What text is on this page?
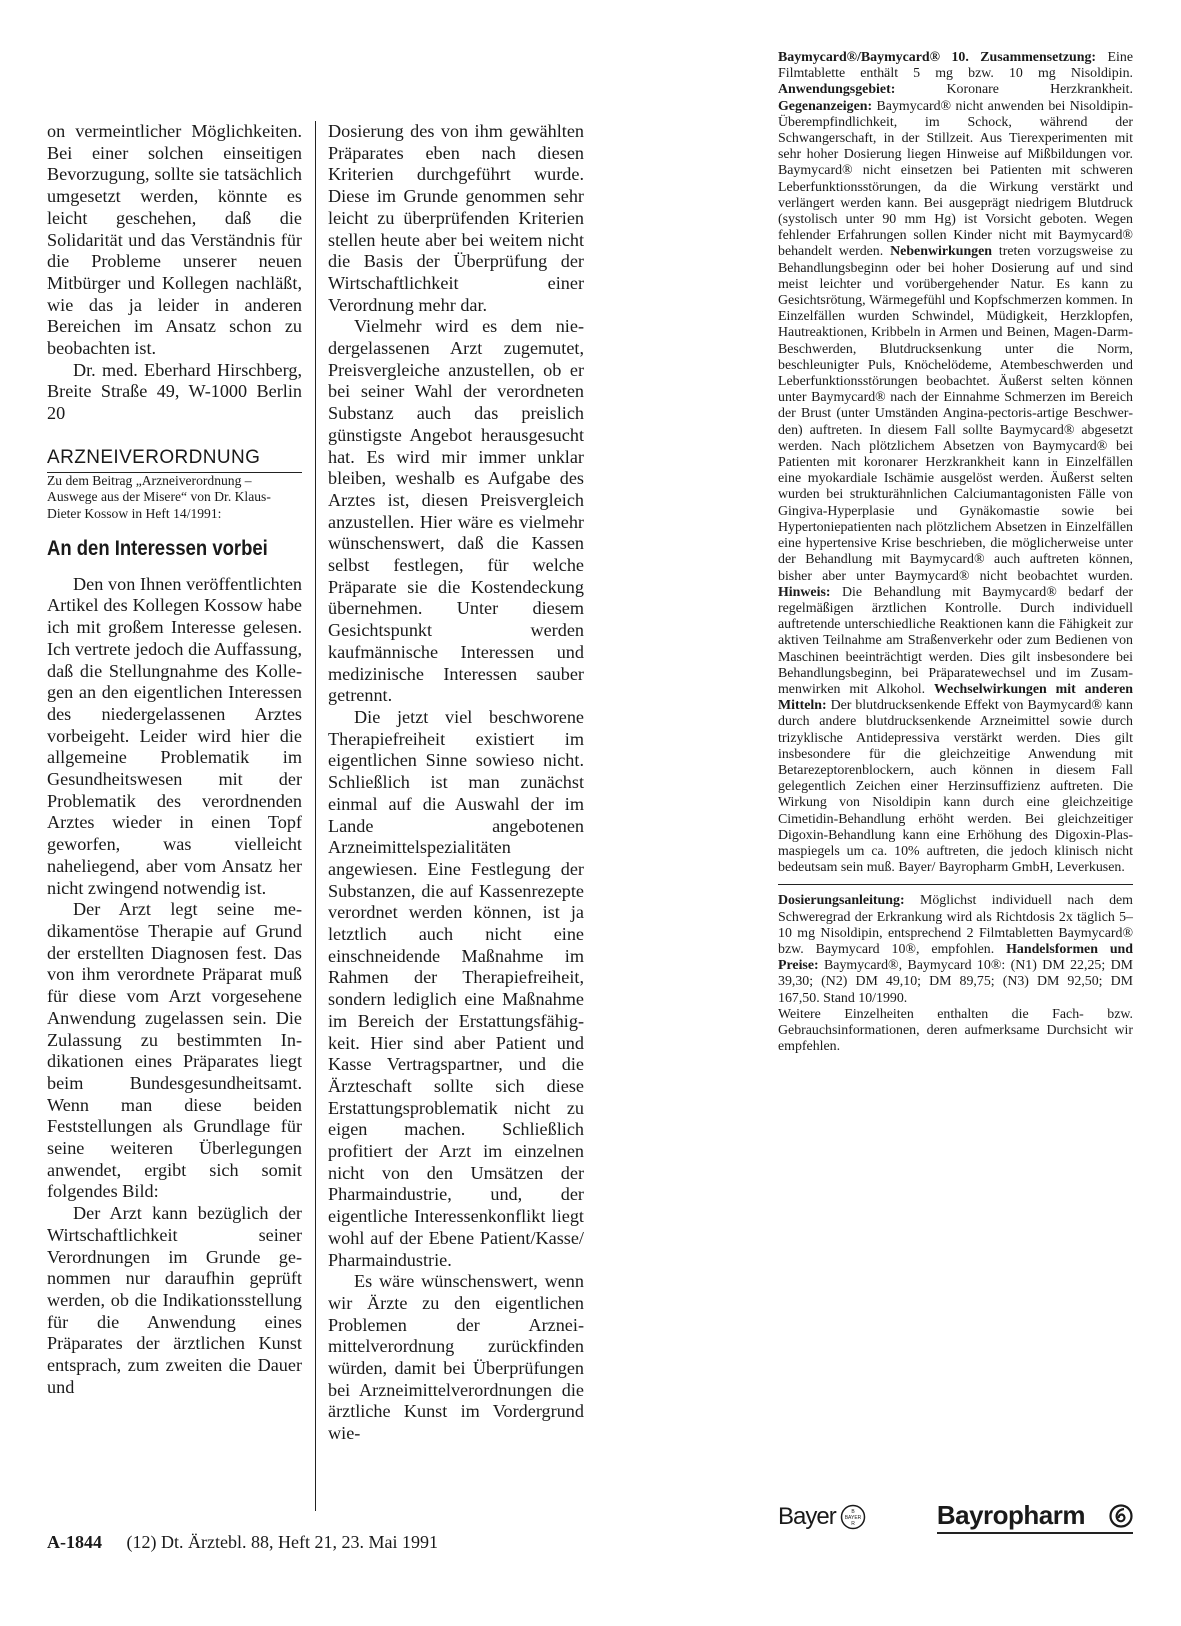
on vermeintlicher Möglichkeiten. Bei einer solchen einseitigen Bevorzugung, sollte sie tatsächlich umgesetzt werden, könnte es leicht geschehen, daß die Solidarität und das Verständnis für die Probleme unserer neuen Mitbürger und Kollegen nachläßt, wie das ja leider in anderen Bereichen im Ansatz schon zu beobachten ist.

Dr. med. Eberhard Hirschberg, Breite Straße 49, W-1000 Berlin 20

ARZNEIVERORDNUNG

Zu dem Beitrag „Arzneiverordnung – Auswege aus der Misere“ von Dr. Klaus-Dieter Kossow in Heft 14/1991:

An den Interessen vorbei

Den von Ihnen veröffentlichten Artikel des Kollegen Kossow habe ich mit großem Interesse gelesen. Ich vertrete jedoch die Auffassung, daß die Stellungnahme des Kollegen an den eigentlichen Interessen des niedergelassenen Arztes vorbeigeht. Leider wird hier die allgemeine Problematik im Gesundheitswesen mit der Problematik des verordnenden Arztes wieder in einen Topf geworfen, was vielleicht naheliegend, aber vom Ansatz her nicht zwingend notwendig ist.

Der Arzt legt seine medikamentöse Therapie auf Grund der erstellten Diagnosen fest. Das von ihm verordnete Präparat muß für diese vom Arzt vorgesehene Anwendung zugelassen sein. Die Zulassung zu bestimmten Indikationen eines Präparates liegt beim Bundesgesundheitsamt. Wenn man diese beiden Feststellungen als Grundlage für seine weiteren Überlegungen anwendet, ergibt sich somit folgendes Bild:

Der Arzt kann bezüglich der Wirtschaftlichkeit seiner Verordnungen im Grunde genommen nur daraufhin geprüft werden, ob die Indikationsstellung für die Anwendung eines Präparates der ärztlichen Kunst entsprach, zum zweiten die Dauer und

Dosierung des von ihm gewählten Präparates eben nach diesen Kriterien durchgeführt wurde. Diese im Grunde genommen sehr leicht zu überprüfenden Kriterien stellen heute aber bei weitem nicht die Basis der Überprüfung der Wirtschaftlichkeit einer Verordnung mehr dar.

Vielmehr wird es dem niedergelassenen Arzt zugemutet, Preisvergleiche anzustellen, ob er bei seiner Wahl der verordneten Substanz auch das preislich günstigste Angebot herausgesucht hat. Es wird mir immer unklar bleiben, weshalb es Aufgabe des Arztes ist, diesen Preisvergleich anzustellen. Hier wäre es vielmehr wünschenswert, daß die Kassen selbst festlegen, für welche Präparate sie die Kostendeckung übernehmen. Unter diesem Gesichtspunkt werden kaufmännische Interessen und medizinische Interessen sauber getrennt.

Die jetzt viel beschworene Therapiefreiheit existiert im eigentlichen Sinne sowieso nicht. Schließlich ist man zunächst einmal auf die Auswahl der im Lande angebotenen Arzneimittelspezialitäten angewiesen. Eine Festlegung der Substanzen, die auf Kassenrezepte verordnet werden können, ist ja letztlich auch nicht eine einschneidende Maßnahme im Rahmen der Therapiefreiheit, sondern lediglich eine Maßnahme im Bereich der Erstattungsfähigkeit. Hier sind aber Patient und Kasse Vertragspartner, und die Ärzteschaft sollte sich diese Erstattungsproblematik nicht zu eigen machen. Schließlich profitiert der Arzt im einzelnen nicht von den Umsätzen der Pharmaindustrie, und, der eigentliche Interessenkonflikt liegt wohl auf der Ebene Patient/Kasse/ Pharmaindustrie.

Es wäre wünschenswert, wenn wir Ärzte zu den eigentlichen Problemen der Arzneimittelverordnung zurückfinden würden, damit bei Überprüfungen bei Arzneimittelverordnungen die ärztliche Kunst im Vordergrund wie-

Baymycard®/Baymycard® 10. Zusammensetzung: Eine Filmtablette enthält 5 mg bzw. 10 mg Nisoldipin. Anwendungsgebiet: Koronare Herzkrankheit. Gegenanzeigen: Baymycard® nicht anwenden bei Nisoldipin-Überempfindlichkeit, im Schock, während der Schwangerschaft, in der Stillzeit. Aus Tierexperimenten mit sehr hoher Dosierung liegen Hinweise auf Mißbildungen vor. Baymycard® nicht einsetzen bei Patienten mit schweren Leberfunktionsstörungen, da die Wirkung verstärkt und verlängert werden kann. Bei ausgeprägt niedrigem Blutdruck (systolisch unter 90 mm Hg) ist Vorsicht geboten. Wegen fehlender Erfahrungen sollen Kinder nicht mit Baymycard® behandelt werden. Nebenwirkungen treten vorzugsweise zu Behandlungsbeginn oder bei hoher Dosierung auf und sind meist leichter und vorübergehender Natur. Es kann zu Gesichtsrötung, Wärmegefühl und Kopfschmerzen kommen. In Einzelfällen wurden Schwindel, Müdigkeit, Herzklopfen, Hautreaktionen, Kribbeln in Armen und Beinen, Magen-Darm-Beschwerden, Blutdrucksenkung unter die Norm, beschleunigter Puls, Knöchelödeme, Atembeschwerden und Leberfunktionsstörungen beobachtet. Äußerst selten können unter Baymycard® nach der Einnahme Schmerzen im Bereich der Brust (unter Umständen Angina-pectoris-artige Beschwerden) auftreten. In diesem Fall sollte Baymycard® abgesetzt werden. Nach plötzlichem Absetzen von Baymycard® bei Patienten mit koronarer Herzkrankheit kann in Einzelfällen eine myokardiale Ischämie ausgelöst werden. Äußerst selten wurden bei strukturähnlichen Calciumantagonisten Fälle von Gingiva-Hyperplasie und Gynäkomastie sowie bei Hypertoniepatienten nach plötzlichem Absetzen in Einzelfällen eine hypertensive Krise beschrieben, die möglicherweise unter der Behandlung mit Baymycard® auch auftreten können, bisher aber unter Baymycard® nicht beobachtet wurden. Hinweis: Die Behandlung mit Baymycard® bedarf der regelmäßigen ärztlichen Kontrolle. Durch individuell auftretende unterschiedliche Reaktionen kann die Fähigkeit zur aktiven Teilnahme am Straßenverkehr oder zum Bedienen von Maschinen beeinträchtigt werden. Dies gilt insbesondere bei Behandlungsbeginn, bei Präparatewechsel und im Zusammenwirken mit Alkohol. Wechselwirkungen mit anderen Mitteln: Der blutdrucksenkende Effekt von Baymycard® kann durch andere blutdrucksenkende Arzneimittel sowie durch trizyklische Antidepressiva verstärkt werden. Dies gilt insbesondere für die gleichzeitige Anwendung mit Betarezeptorenblockern, auch können in diesem Fall gelegentlich Zeichen einer Herzinsuffizienz auftreten. Die Wirkung von Nisoldipin kann durch eine gleichzeitige Cimetidin-Behandlung erhöht werden. Bei gleichzeitiger Digoxin-Behandlung kann eine Erhöhung des Digoxin-Plasmaspiegels um ca. 10% auftreten, die jedoch klinisch nicht bedeutsam sein muß. Bayer/ Bayropharm GmbH, Leverkusen.

Dosierungsanleitung: Möglichst individuell nach dem Schweregrad der Erkrankung wird als Richtdosis 2x täglich 5–10 mg Nisoldipin, entsprechend 2 Filmtabletten Baymycard® bzw. Baymycard 10®, empfohlen. Handelsformen und Preise: Baymycard®, Baymycard 10®: (N1) DM 22,25; DM 39,30; (N2) DM 49,10; DM 89,75; (N3) DM 92,50; DM 167,50. Stand 10/1990.

Weitere Einzelheiten enthalten die Fach- bzw. Gebrauchsinformationen, deren aufmerksame Durchsicht wir empfehlen.

Bayer	B
BAYER
R	Bayropharm
A-1844 (12) Dt. Ärztebl. 88, Heft 21, 23. Mai 1991
